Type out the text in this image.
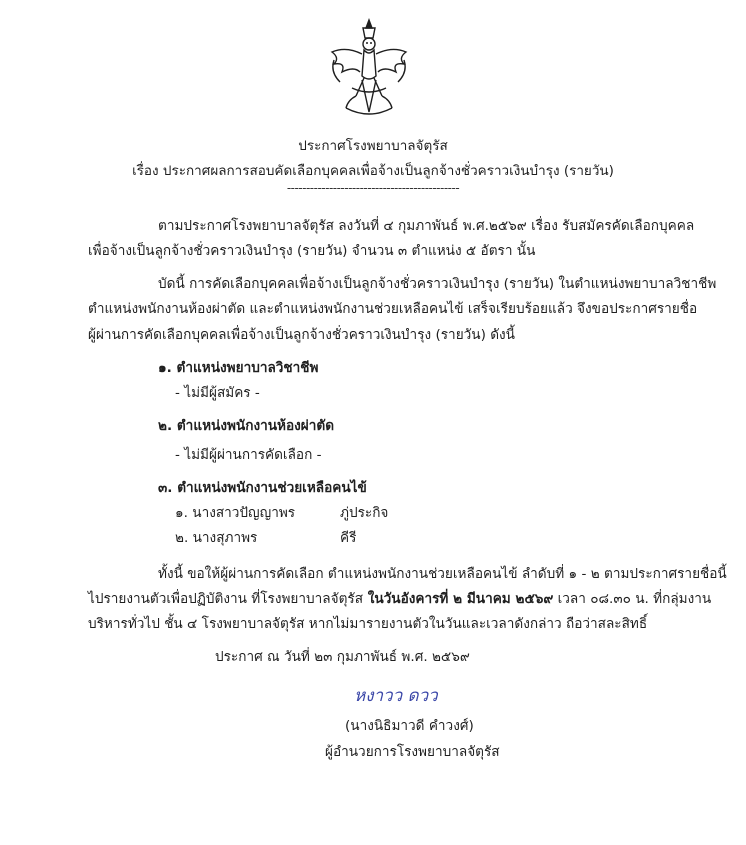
ประกาศโรงพยาบาลจัตุรัส
เรื่อง ประกาศผลการสอบคัดเลือกบุคคลเพื่อจ้างเป็นลูกจ้างชั่วคราวเงินบำรุง (รายวัน)
---------------------------------------------
ตามประกาศโรงพยาบาลจัตุรัส ลงวันที่ ๔ กุมภาพันธ์ พ.ศ.๒๕๖๙ เรื่อง รับสมัครคัดเลือกบุคคล
เพื่อจ้างเป็นลูกจ้างชั่วคราวเงินบำรุง (รายวัน) จำนวน ๓ ตำแหน่ง ๕ อัตรา นั้น
บัดนี้ การคัดเลือกบุคคลเพื่อจ้างเป็นลูกจ้างชั่วคราวเงินบำรุง (รายวัน) ในตำแหน่งพยาบาลวิชาชีพ
ตำแหน่งพนักงานห้องผ่าตัด และตำแหน่งพนักงานช่วยเหลือคนไข้ เสร็จเรียบร้อยแล้ว จึงขอประกาศรายชื่อ
ผู้ผ่านการคัดเลือกบุคคลเพื่อจ้างเป็นลูกจ้างชั่วคราวเงินบำรุง (รายวัน) ดังนี้
๑. ตำแหน่งพยาบาลวิชาชีพ
- ไม่มีผู้สมัคร -
๒. ตำแหน่งพนักงานห้องผ่าตัด
- ไม่มีผู้ผ่านการคัดเลือก -
๓. ตำแหน่งพนักงานช่วยเหลือคนไข้
๑. นางสาวปัญญาพร	ภู่ประกิจ
๒. นางสุภาพร	คีรี
ทั้งนี้ ขอให้ผู้ผ่านการคัดเลือก ตำแหน่งพนักงานช่วยเหลือคนไข้ ลำดับที่ ๑ - ๒ ตามประกาศรายชื่อนี้
ไปรายงานตัวเพื่อปฏิบัติงาน ที่โรงพยาบาลจัตุรัส ในวันอังคารที่ ๒ มีนาคม ๒๕๖๙ เวลา ๐๘.๓๐ น. ที่กลุ่มงาน
บริหารทั่วไป ชั้น ๔ โรงพยาบาลจัตุรัส หากไม่มารายงานตัวในวันและเวลาดังกล่าว ถือว่าสละสิทธิ์
ประกาศ ณ วันที่ ๒๓ กุมภาพันธ์ พ.ศ. ๒๕๖๙
หงาวว ดวว
(นางนิธิมาวดี คำวงศ์)
ผู้อำนวยการโรงพยาบาลจัตุรัส
